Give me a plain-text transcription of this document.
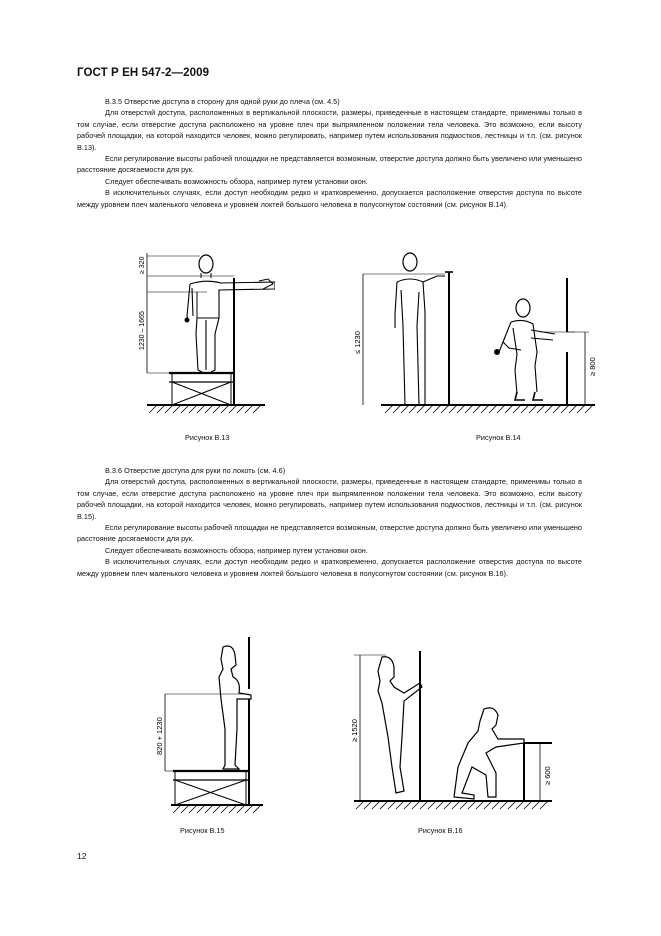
ГОСТ Р ЕН 547-2—2009

В.3.5 Отверстие доступа в сторону для одной руки до плеча (см. 4.5)

Для отверстий доступа, расположенных в вертикальной плоскости, размеры, приведенные в настоящем стандарте, применимы только в том случае, если отверстие доступа расположено на уровне плеч при выпрямленном положении тела человека. Это возможно, если высоту рабочей площадки, на которой находится человек, можно регулировать, например путем использования подмостков, лестницы и т.п. (см. рисунок В.13).

Если регулирование высоты рабочей площадки не представляется возможным, отверстие доступа должно быть увеличено или уменьшено расстояние досягаемости для рук.

Следует обеспечивать возможность обзора, например путем установки окон.

В исключительных случаях, если доступ необходим редко и кратковременно, допускается расположение отверстия доступа по высоте между уровнем плеч маленького человека и уровнем локтей большого человека в полусогнутом состоянии (см. рисунок В.14).

≥ 320
1230 – 1665
Рисунок В.13
≤ 1230
≥ 800
Рисунок В.14

В.3.6 Отверстие доступа для руки по локоть (см. 4.6)

Для отверстий доступа, расположенных в вертикальной плоскости, размеры, приведенные в настоящем стандарте, применимы только в том случае, если отверстие доступа расположено на уровне плеч при выпрямленном положении тела человека. Это возможно, если высоту рабочей площадки, на которой находится человек, можно регулировать, например путем использования подмостков, лестницы и т.п. (см. рисунок В.15).

Если регулирование высоты рабочей площадки не представляется возможным, отверстие доступа должно быть увеличено или уменьшено расстояние досягаемости для рук.

Следует обеспечивать возможность обзора, например путем установки окон.

В исключительных случаях, если доступ необходим редко и кратковременно, допускается расположение отверстия доступа по высоте между уровнем плеч маленького человека и уровнем локтей большого человека в полусогнутом состоянии (см. рисунок В.16).

820 + 1230
Рисунок В.15
≥ 1520
≥ 600
Рисунок В.16
12
